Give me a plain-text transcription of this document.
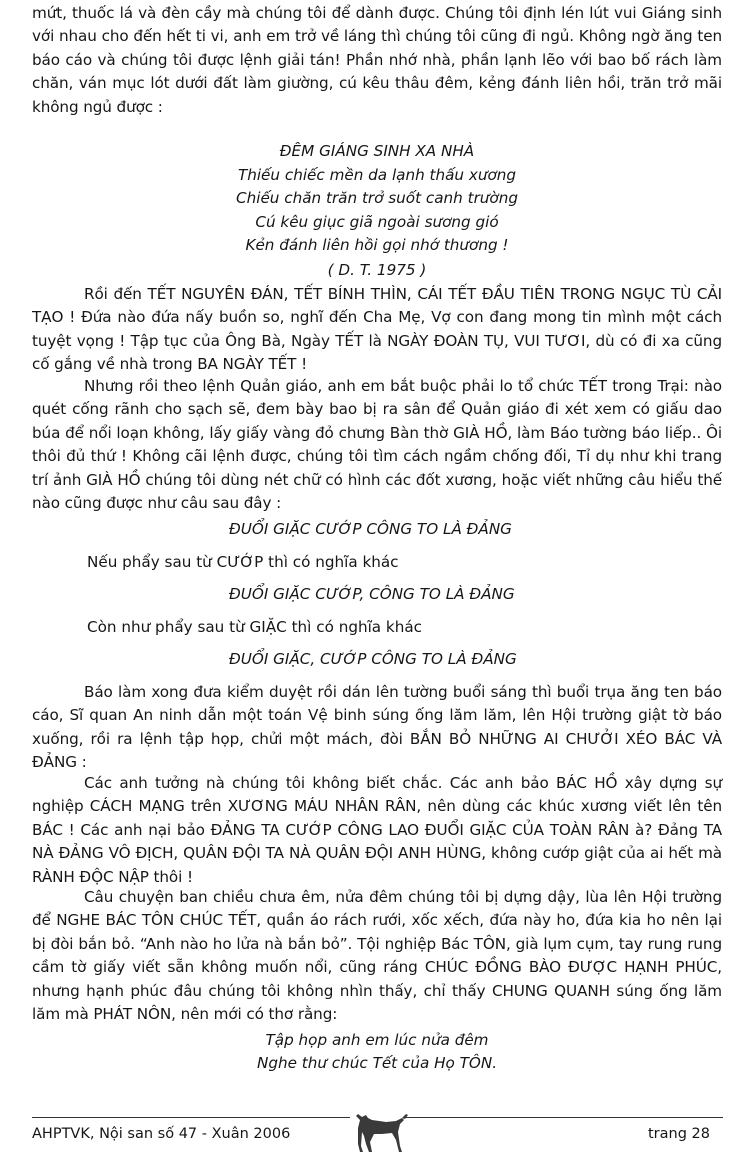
mứt, thuốc lá và đèn cầy mà chúng tôi để dành được. Chúng tôi định lén lút vui Giáng sinh với nhau cho đến hết ti vi, anh em trở về láng thì chúng tôi cũng đi ngủ. Không ngờ ăng ten báo cáo và chúng tôi được lệnh giải tán! Phần nhớ nhà, phần lạnh lẽo với bao bố rách làm chăn, ván mục lót dưới đất làm giường, cú kêu thâu đêm, kẻng đánh liên hồi, trăn trở mãi không ngủ được :

ĐÊM GIÁNG SINH XA NHÀ
Thiếu chiếc mền da lạnh thấu xương
Chiếu chăn trăn trở suốt canh trường
Cú kêu giục giã ngoài sương gió
Kẻn đánh liên hồi gọi nhớ thương !
( D. T. 1975 )

Rồi đến TẾT NGUYÊN ĐÁN, TẾT BÍNH THÌN, CÁI TẾT ĐẦU TIÊN TRONG NGỤC TÙ CẢI TẠO ! Đứa nào đứa nấy buồn so, nghĩ đến Cha Mẹ, Vợ con đang mong tin mình một cách tuyệt vọng ! Tập tục của Ông Bà, Ngày TẾT là NGÀY ĐOÀN TỤ, VUI TƯƠI, dù có đi xa cũng cố gắng về nhà trong BA NGÀY TẾT !

Nhưng rồi theo lệnh Quản giáo, anh em bắt buộc phải lo tổ chức TẾT trong Trại: nào quét cống rãnh cho sạch sẽ, đem bày bao bị ra sân để Quản giáo đi xét xem có giấu dao búa để nổi loạn không, lấy giấy vàng đỏ chưng Bàn thờ GIÀ HỒ, làm Báo tường báo liếp.. Ôi thôi đủ thứ ! Không cãi lệnh được, chúng tôi tìm cách ngầm chống đối, Tỉ dụ như khi trang trí ảnh GIÀ HỒ chúng tôi dùng nét chữ có hình các đốt xương, hoặc viết những câu hiểu thế nào cũng được như câu sau đây :

ĐUỔI GIẶC CƯỚP CÔNG TO LÀ ĐẢNG
Nếu phẩy sau từ CƯỚP thì có nghĩa khác
ĐUỔI GIẶC CƯỚP, CÔNG TO LÀ ĐẢNG
Còn như phẩy sau từ GIẶC thì có nghĩa khác
ĐUỔI GIẶC, CƯỚP CÔNG TO LÀ ĐẢNG

Báo làm xong đưa kiểm duyệt rồi dán lên tường buổi sáng thì buổi trụa ăng ten báo cáo, Sĩ quan An ninh dẫn một toán Vệ binh súng ống lăm lăm, lên Hội trường giật tờ báo xuống, rồi ra lệnh tập họp, chửi một mách, đòi BẮN BỎ NHỮNG AI CHƯỞI XÉO BÁC VÀ ĐẢNG :

Các anh tưởng nà chúng tôi không biết chắc. Các anh bảo BÁC HỒ xây dựng sự nghiệp CÁCH MẠNG trên XƯƠNG MÁU NHÂN RÂN, nên dùng các khúc xương viết lên tên BÁC ! Các anh nại bảo ĐẢNG TA CƯỚP CÔNG LAO ĐUỔI GIẶC CỦA TOÀN RÂN à? Đảng TA NÀ ĐẢNG VÔ ĐỊCH, QUÂN ĐỘI TA NÀ QUÂN ĐỘI ANH HÙNG, không cướp giật của ai hết mà RÀNH ĐỘC NẬP thôi !

Câu chuyện ban chiều chưa êm, nửa đêm chúng tôi bị dựng dậy, lùa lên Hội trường để NGHE BÁC TÔN CHÚC TẾT, quần áo rách rưới, xốc xếch, đứa này ho, đứa kia ho nên lại bị đòi bắn bỏ. “Anh nào ho lửa nà bắn bỏ”. Tội nghiệp Bác TÔN, già lụm cụm, tay rung rung cầm tờ giấy viết sẵn không muốn nổi, cũng ráng CHÚC ĐỒNG BÀO ĐƯỢC HẠNH PHÚC, nhưng hạnh phúc đâu chúng tôi không nhìn thấy, chỉ thấy CHUNG QUANH súng ống lăm lăm mà PHÁT NÔN, nên mới có thơ rằng:

Tập họp anh em lúc nửa đêm
Nghe thư chúc Tết của Họ TÔN.
AHPTVK, Nội san số 47 - Xuân 2006	trang 28
